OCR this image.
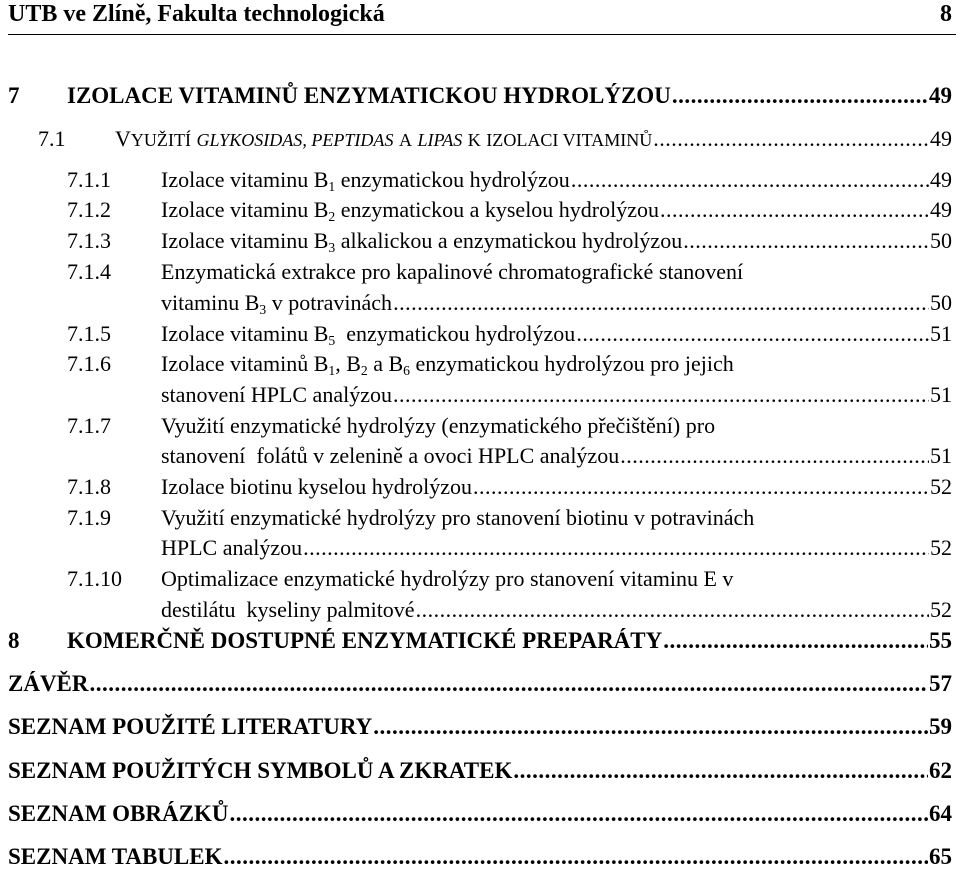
UTB ve Zlíně, Fakulta technologická	8
7 IZOLACE VITAMINŮ ENZYMATICKOU HYDROLÝZOU .....	49
7.1 VYUŽITÍ GLYKOSIDAS, PEPTIDAS A LIPAS K IZOLACI VITAMINŮ .....	49
7.1.1 Izolace vitaminu $B_1$ enzymatickou hydrolýzou .....	49
7.1.2 Izolace vitaminu $B_2$ enzymatickou a kyselou hydrolýzou .....	49
7.1.3 Izolace vitaminu $B_3$ alkalickou a enzymatickou hydrolýzou .....	50
7.1.4 Enzymatická extrakce pro kapalinové chromatografické stanovení
vitaminu $B_3$ v potravinách .....	50
7.1.5 Izolace vitaminu $B_5$  enzymatickou hydrolýzou .....	51
7.1.6 Izolace vitaminů $B_1$, $B_2$ a $B_6$ enzymatickou hydrolýzou pro jejich
stanovení HPLC analýzou .....	51
7.1.7 Využití enzymatické hydrolýzy (enzymatického přečištění) pro
stanovení  folátů v zelenině a ovoci HPLC analýzou .....	51
7.1.8 Izolace biotinu kyselou hydrolýzou .....	52
7.1.9 Využití enzymatické hydrolýzy pro stanovení biotinu v potravinách
HPLC analýzou .....	52
7.1.10 Optimalizace enzymatické hydrolýzy pro stanovení vitaminu E v
destilátu  kyseliny palmitové .....	52
8 KOMERČNĚ DOSTUPNÉ ENZYMATICKÉ PREPARÁTY .....	55
ZÁVĚR .....	57
SEZNAM POUŽITÉ LITERATURY .....	59
SEZNAM POUŽITÝCH SYMBOLŮ A ZKRATEK .....	62
SEZNAM OBRÁZKŮ .....	64
SEZNAM TABULEK .....	65
